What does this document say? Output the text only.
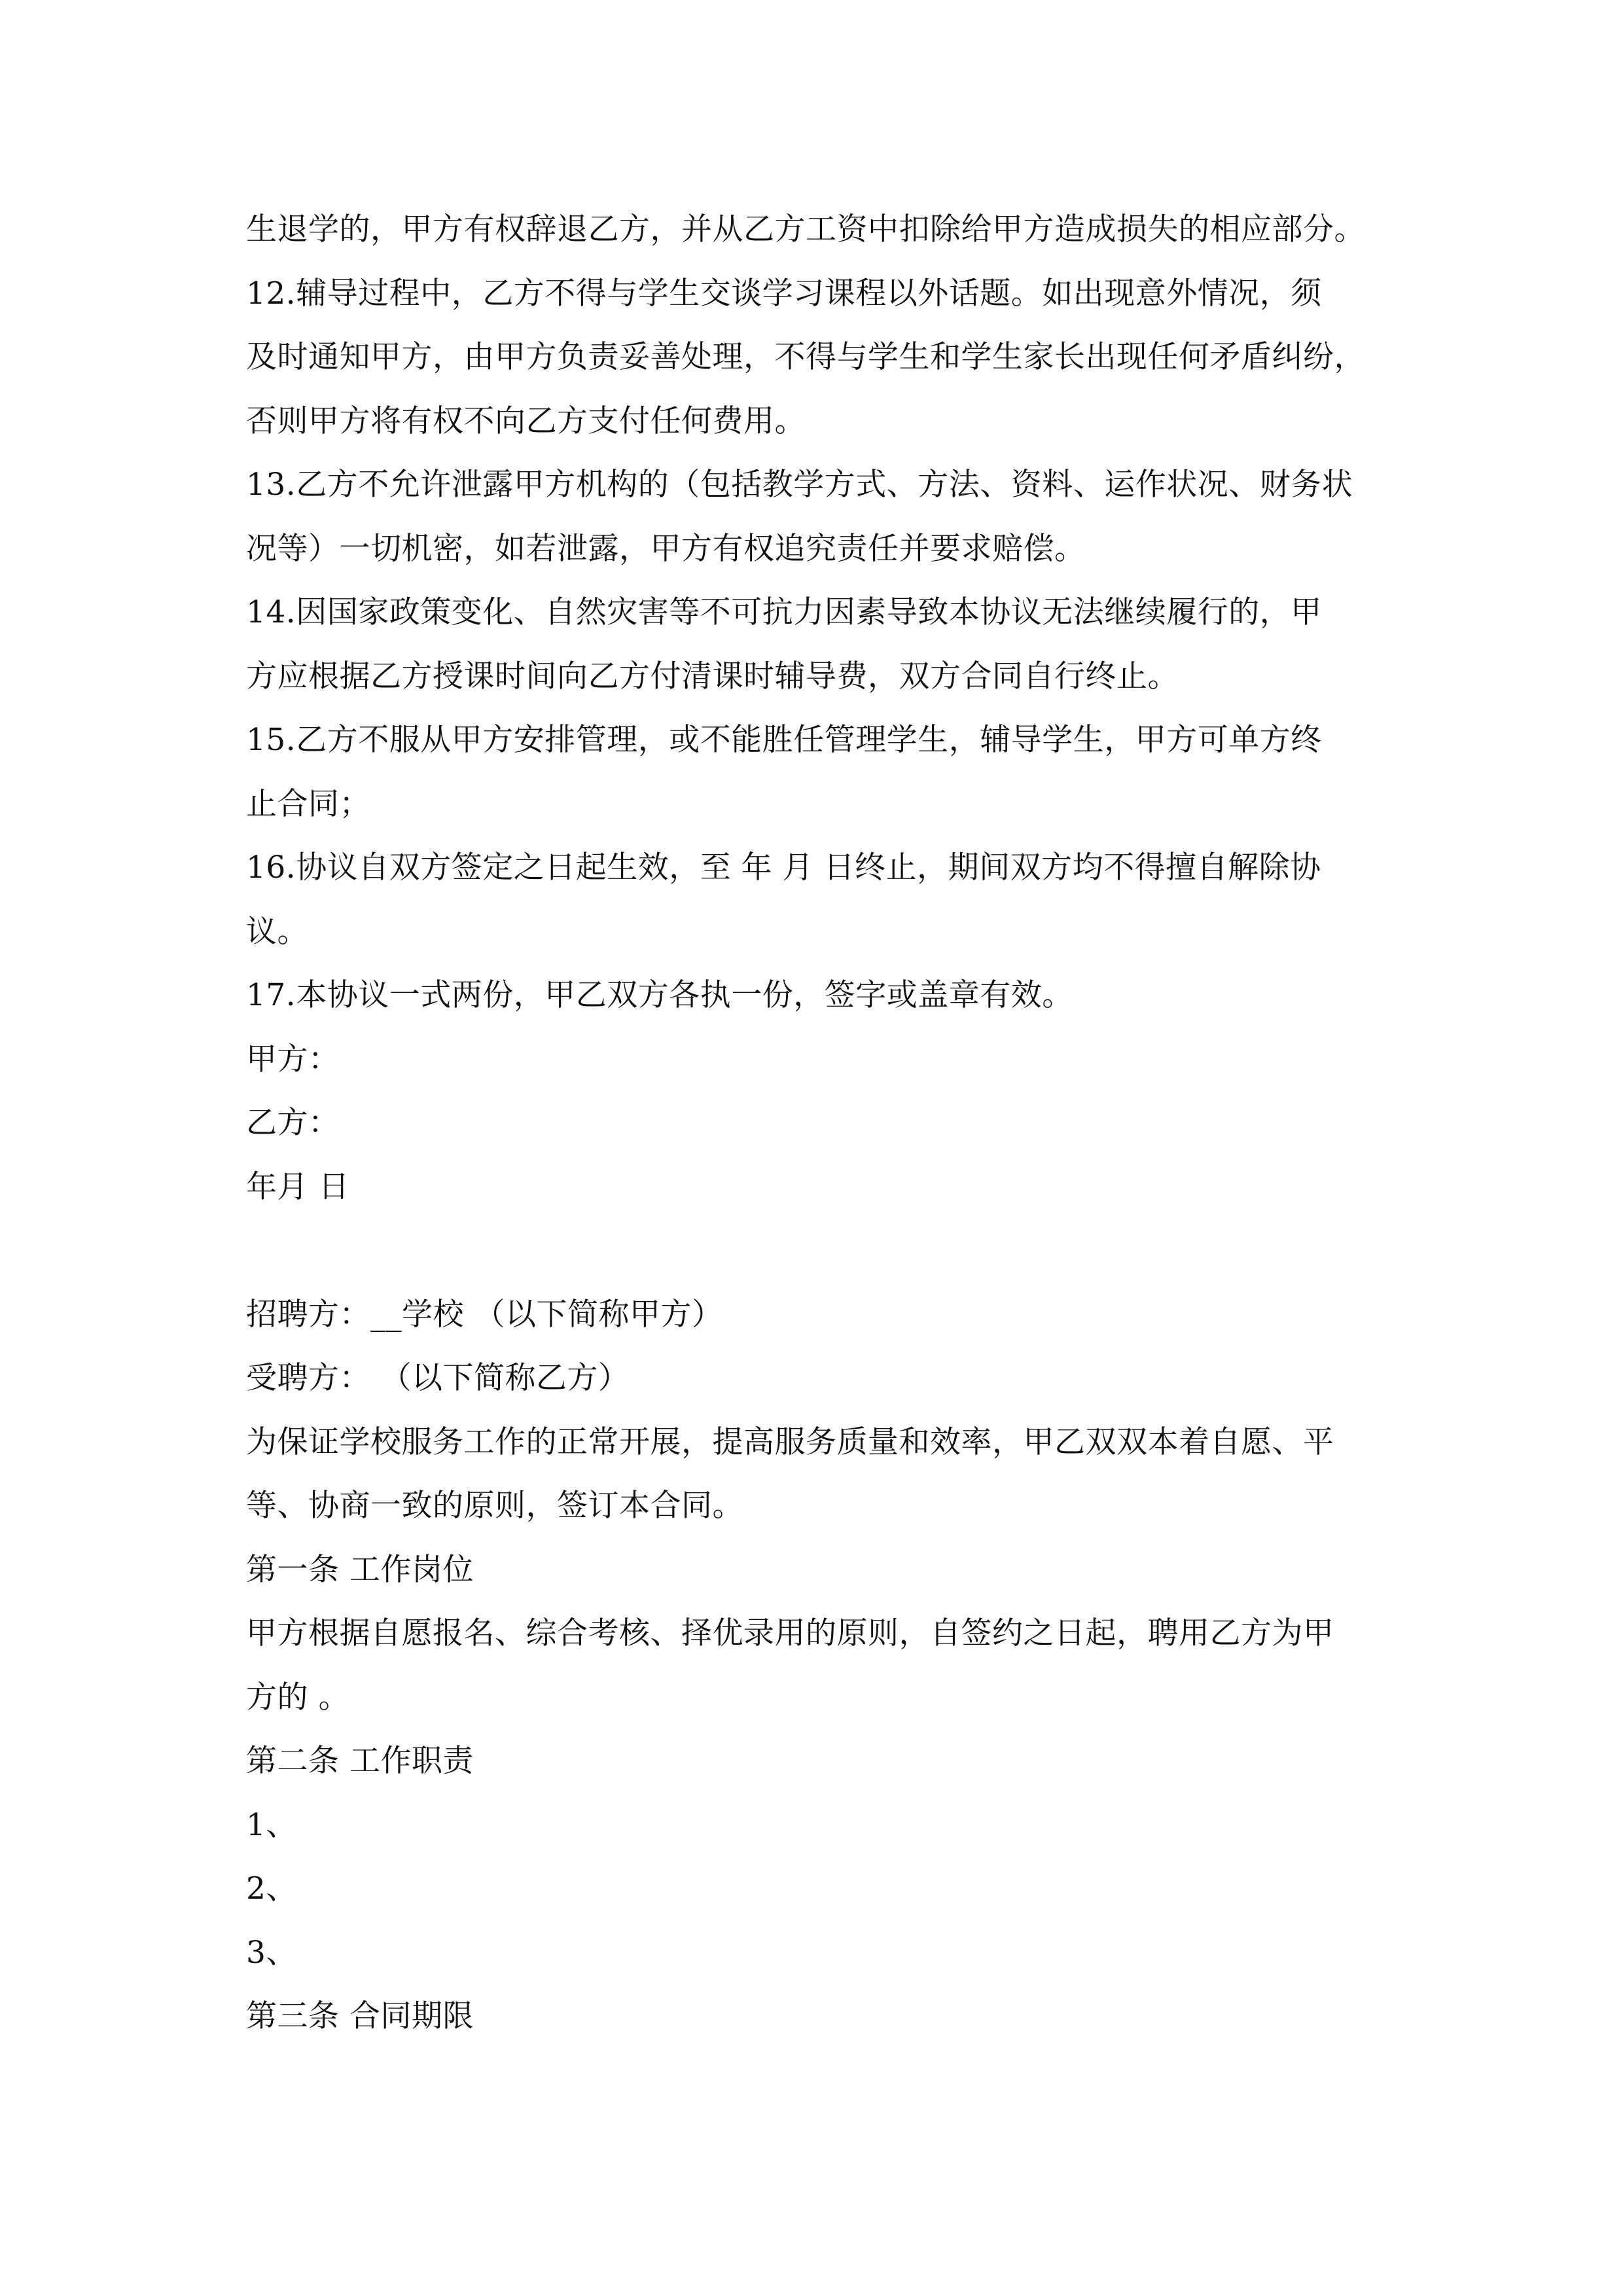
生退学的，甲方有权辞退乙方，并从乙方工资中扣除给甲方造成损失的相应部分。
12.辅导过程中，乙方不得与学生交谈学习课程以外话题。如出现意外情况，须
及时通知甲方，由甲方负责妥善处理，不得与学生和学生家长出现任何矛盾纠纷，
否则甲方将有权不向乙方支付任何费用。
13.乙方不允许泄露甲方机构的（包括教学方式、方法、资料、运作状况、财务状
况等）一切机密，如若泄露，甲方有权追究责任并要求赔偿。
14.因国家政策变化、自然灾害等不可抗力因素导致本协议无法继续履行的，甲
方应根据乙方授课时间向乙方付清课时辅导费，双方合同自行终止。
15.乙方不服从甲方安排管理，或不能胜任管理学生，辅导学生，甲方可单方终
止合同；
16.协议自双方签定之日起生效，至 年 月 日终止，期间双方均不得擅自解除协
议。
17.本协议一式两份，甲乙双方各执一份，签字或盖章有效。
甲方：
乙方：
年月 日
招聘方：__学校 （以下简称甲方）
受聘方： （以下简称乙方）
为保证学校服务工作的正常开展，提高服务质量和效率，甲乙双双本着自愿、平
等、协商一致的原则，签订本合同。
第一条 工作岗位
甲方根据自愿报名、综合考核、择优录用的原则，自签约之日起，聘用乙方为甲
方的 。
第二条 工作职责
1、
2、
3、
第三条 合同期限
